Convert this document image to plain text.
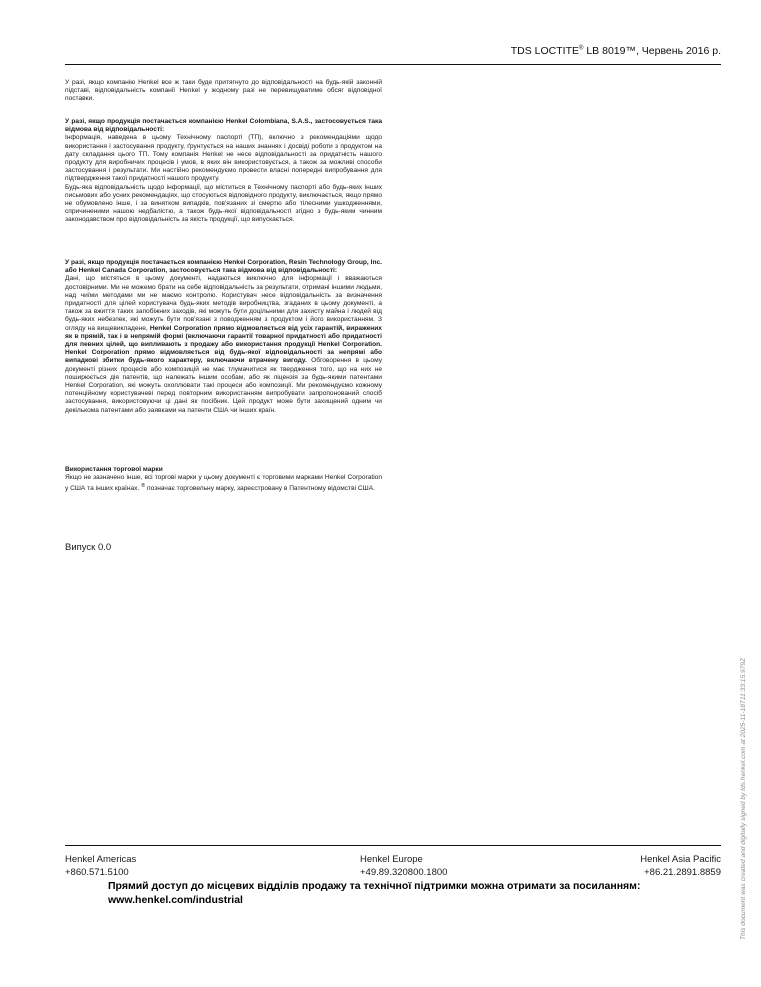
TDS LOCTITE® LB 8019™, Червень 2016 р.

У разі, якщо компанію Henkel все ж таки буде притягнуто до відповідальності на будь-якій законній підставі, відповідальність компанії Henkel у жодному разі не перевищуватиме обсяг відповідної поставки.

У разі, якщо продукція постачається компанією Henkel Colombiana, S.A.S., застосовується така відмова від відповідальності:

Інформація, наведена в цьому Технічному паспорті (ТП), включно з рекомендаціями щодо використання і застосування продукту, ґрунтується на наших знаннях і досвіді роботи з продуктом на дату складання цього ТП. Тому компанія Henkel не несе відповідальності за придатність нашого продукту для виробничих процесів і умов, в яких він використовується, а також за можливі способи застосування і результати. Ми настійно рекомендуємо провести власні попередні випробування для підтвердження такої придатності нашого продукту.

Будь-яка відповідальність щодо інформації, що міститься в Технічному паспорті або будь-яких інших письмових або усних рекомендаціях, що стосуються відповідного продукту, виключається, якщо прямо не обумовлено інше, і за винятком випадків, пов'язаних зі смертю або тілесними ушкодженнями, спричиненими нашою недбалістю, а також будь-якої відповідальності згідно з будь-яким чинним законодавством про відповідальність за якість продукції, що випускається.

У разі, якщо продукція постачається компанією Henkel Corporation, Resin Technology Group, Inc. або Henkel Canada Corporation, застосовується така відмова від відповідальності:

Дані, що містяться в цьому документі, надаються виключно для інформації і вважаються достовірними. Ми не можемо брати на себе відповідальність за результати, отримані іншими людьми, над чиїми методами ми не маємо контролю. Користувач несе відповідальність за визначення придатності для цілей користувача будь-яких методів виробництва, згаданих в цьому документі, а також за вжиття таких запобіжних заходів, які можуть бути доцільними для захисту майна і людей від будь-яких небезпек, які можуть бути пов'язані з поводженням з продуктом і його використанням. З огляду на вищевикладене, Henkel Corporation прямо відмовляється від усіх гарантій, виражених як в прямій, так і в непрямій формі (включаючи гарантії товарної придатності або придатності для певних цілей, що випливають з продажу або використання продукції Henkel Corporation. Henkel Corporation прямо відмовляється від будь-якої відповідальності за непрямі або випадкові збитки будь-якого характеру, включаючи втрачену вигоду. Обговорення в цьому документі різних процесів або композицій не має тлумачитися як твердження того, що на них не поширюється дія патентів, що належать іншим особам, або як ліцензія за будь-якими патентами Henkel Corporation, які можуть охоплювати такі процеси або композиції. Ми рекомендуємо кожному потенційному користувачеві перед повторним використанням випробувати запропонований спосіб застосування, використовуючи ці дані як посібник. Цей продукт може бути захищений одним чи декількома патентами або заявками на патенти США чи інших країн.

Використання торгової марки

Якщо не зазначено інше, всі торгові марки у цьому документі є торговими марками Henkel Corporation у США та інших країнах. ® позначає торговельну марку, зареєстровану в Патентному відомстві США.

Випуск 0.0
Henkel Americas
+860.571.5100
Henkel Europe
+49.89.320800.1800
Henkel Asia Pacific
+86.21.2891.8859
Прямий доступ до місцевих відділів продажу та технічної підтримки можна отримати за посиланням:
www.henkel.com/industrial	This document was created and digitally signed by tds.henkel.com at 2025-11-18T11:33:15.979Z
